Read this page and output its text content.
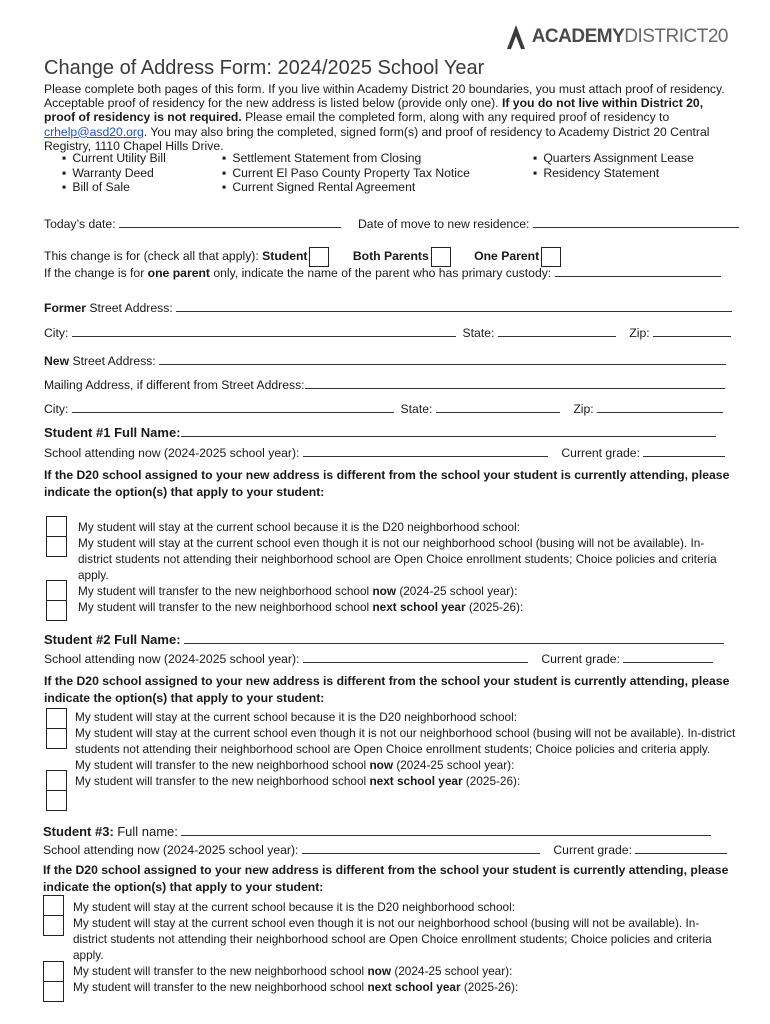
ACADEMYDISTRICT20
Change of Address Form: 2024/2025 School Year
Please complete both pages of this form. If you live within Academy District 20 boundaries, you must attach proof of residency. Acceptable proof of residency for the new address is listed below (provide only one). If you do not live within District 20, proof of residency is not required. Please email the completed form, along with any required proof of residency to crhelp@asd20.org. You may also bring the completed, signed form(s) and proof of residency to Academy District 20 Central Registry, 1110 Chapel Hills Drive.
▪ Current Utility Bill
▪ Warranty Deed
▪ Bill of Sale
▪ Settlement Statement from Closing
▪ Current El Paso County Property Tax Notice
▪ Current Signed Rental Agreement
▪ Quarters Assignment Lease
▪ Residency Statement
Today’s date:	Date of move to new residence:
This change is for (check all that apply): Student	Both Parents	One Parent
If the change is for one parent only, indicate the name of the parent who has primary custody:
Former Street Address:
City:	State:	Zip:
New Street Address:
Mailing Address, if different from Street Address:
City:	State:	Zip:
Student #1 Full Name:
School attending now (2024-2025 school year):	Current grade:
If the D20 school assigned to your new address is different from the school your student is currently attending, please indicate the option(s) that apply to your student:
My student will stay at the current school because it is the D20 neighborhood school:
My student will stay at the current school even though it is not our neighborhood school (busing will not be available). In-district students not attending their neighborhood school are Open Choice enrollment students; Choice policies and criteria apply.
My student will transfer to the new neighborhood school now (2024-25 school year):
My student will transfer to the new neighborhood school next school year (2025-26):
Student #2 Full Name:
School attending now (2024-2025 school year):	Current grade:
If the D20 school assigned to your new address is different from the school your student is currently attending, please indicate the option(s) that apply to your student:
My student will stay at the current school because it is the D20 neighborhood school:
My student will stay at the current school even though it is not our neighborhood school (busing will not be available). In-district students not attending their neighborhood school are Open Choice enrollment students; Choice policies and criteria apply.
My student will transfer to the new neighborhood school now (2024-25 school year):
My student will transfer to the new neighborhood school next school year (2025-26):
Student #3: Full name:
School attending now (2024-2025 school year):	Current grade:
If the D20 school assigned to your new address is different from the school your student is currently attending, please indicate the option(s) that apply to your student:
My student will stay at the current school because it is the D20 neighborhood school:
My student will stay at the current school even though it is not our neighborhood school (busing will not be available). In-district students not attending their neighborhood school are Open Choice enrollment students; Choice policies and criteria apply.
My student will transfer to the new neighborhood school now (2024-25 school year):
My student will transfer to the new neighborhood school next school year (2025-26):
